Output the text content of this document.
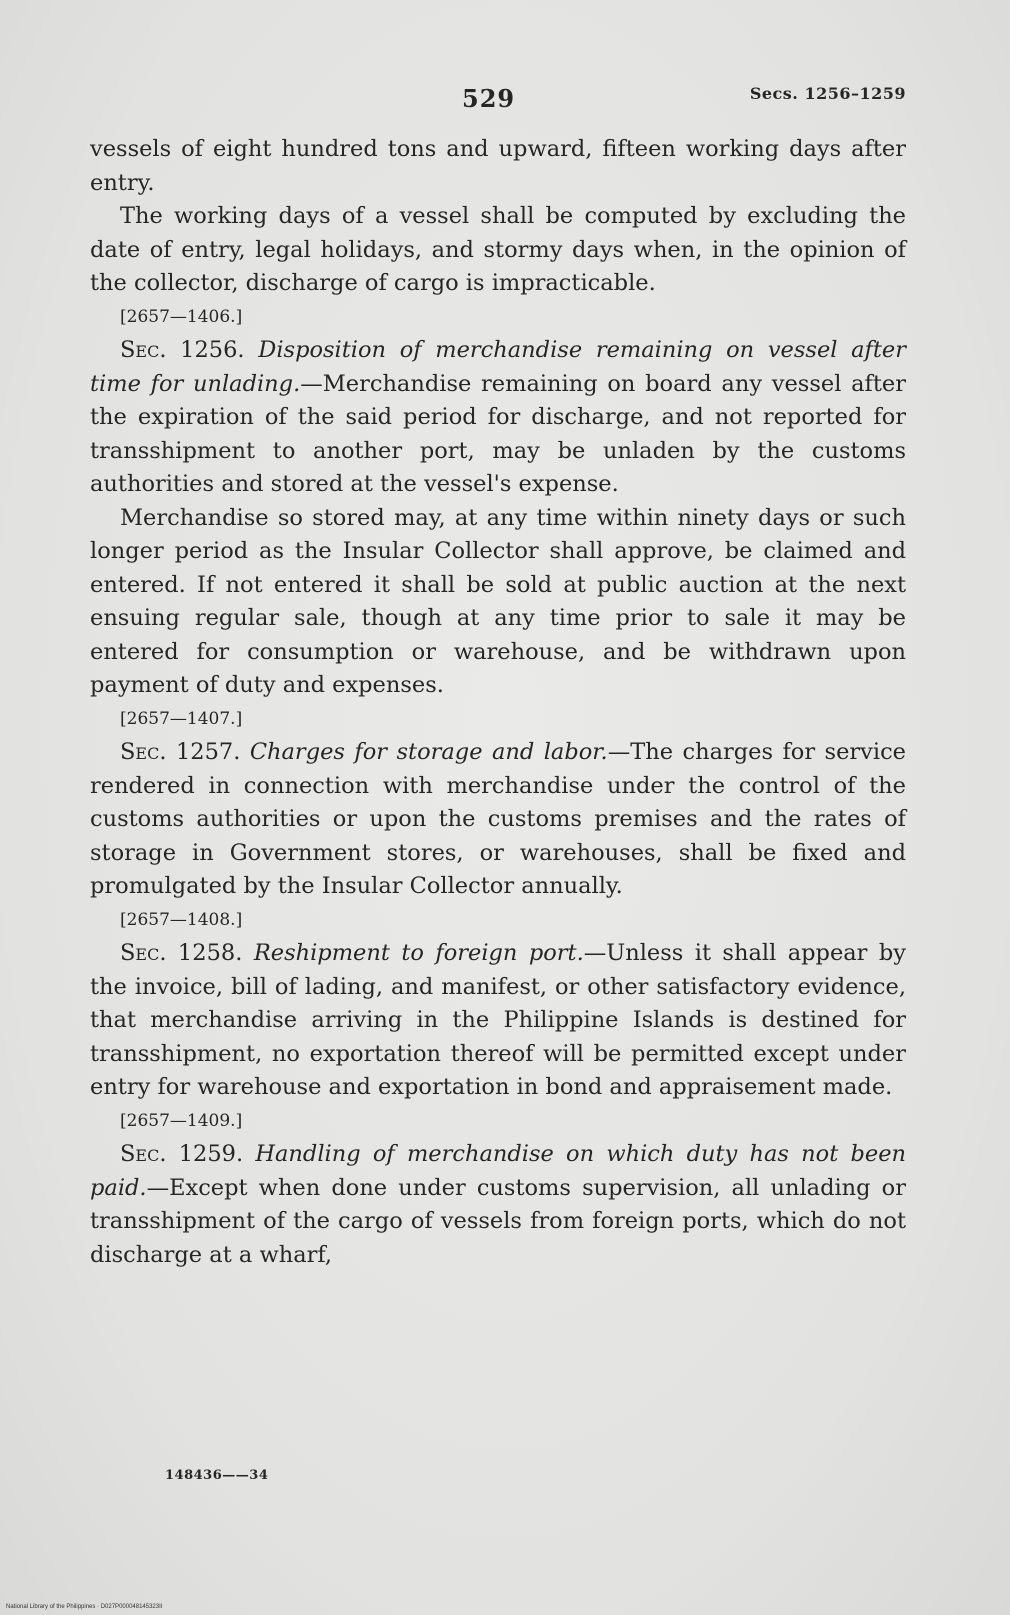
529	Secs. 1256–1259

vessels of eight hundred tons and upward, fifteen working days after entry.

The working days of a vessel shall be computed by excluding the date of entry, legal holidays, and stormy days when, in the opinion of the collector, discharge of cargo is impracticable.

[2657—1406.]

Sec. 1256. Disposition of merchandise remaining on vessel after time for unlading.—Merchandise remaining on board any vessel after the expiration of the said period for discharge, and not reported for transshipment to another port, may be unladen by the customs authorities and stored at the vessel's expense.

Merchandise so stored may, at any time within ninety days or such longer period as the Insular Collector shall approve, be claimed and entered. If not entered it shall be sold at public auction at the next ensuing regular sale, though at any time prior to sale it may be entered for consumption or warehouse, and be withdrawn upon payment of duty and expenses.

[2657—1407.]

Sec. 1257. Charges for storage and labor.—The charges for service rendered in connection with merchandise under the control of the customs authorities or upon the customs premises and the rates of storage in Government stores, or warehouses, shall be fixed and promulgated by the Insular Collector annually.

[2657—1408.]

Sec. 1258. Reshipment to foreign port.—Unless it shall appear by the invoice, bill of lading, and manifest, or other satisfactory evidence, that merchandise arriving in the Philippine Islands is destined for transshipment, no exportation thereof will be permitted except under entry for warehouse and exportation in bond and appraisement made.

[2657—1409.]

Sec. 1259. Handling of merchandise on which duty has not been paid.—Except when done under customs supervision, all unlading or transshipment of the cargo of vessels from foreign ports, which do not discharge at a wharf,

148436——34
National Library of the Philippines · D027P000048145323II
